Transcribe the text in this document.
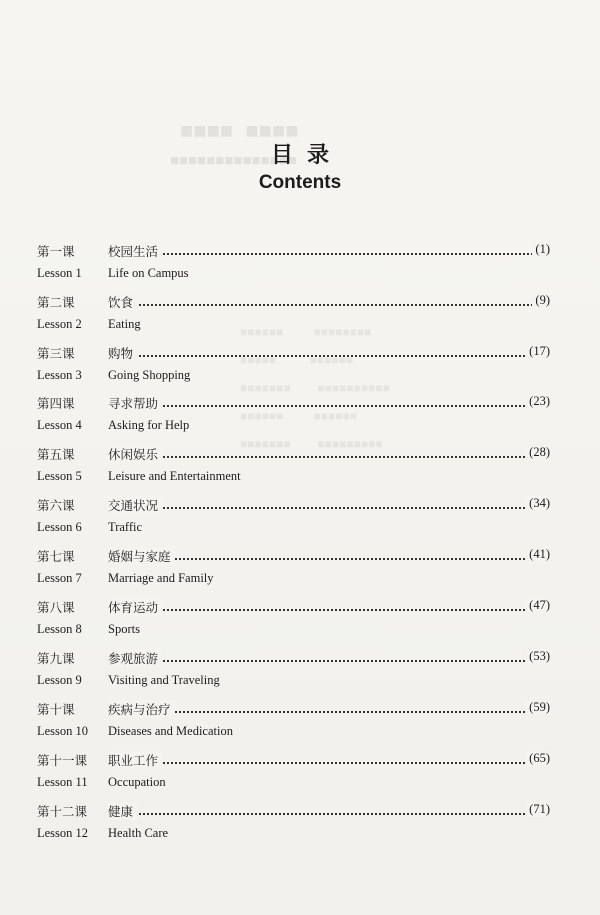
■■■■  ■■■■
■■■■■■■■■■■■■■
■■■■■■         ■■■■■■■■
■■■■■          ■■■■■■
■■■■■■■        ■■■■■■■■■■
■■■■■■         ■■■■■■
■■■■■■■        ■■■■■■■■■
目录
Contents
第一课	校园生活	(1)
Lesson 1 Life on Campus
第二课	饮食	(9)
Lesson 2 Eating
第三课	购物	(17)
Lesson 3 Going Shopping
第四课	寻求帮助	(23)
Lesson 4 Asking for Help
第五课	休闲娱乐	(28)
Lesson 5 Leisure and Entertainment
第六课	交通状况	(34)
Lesson 6 Traffic
第七课	婚姻与家庭	(41)
Lesson 7 Marriage and Family
第八课	体育运动	(47)
Lesson 8 Sports
第九课	参观旅游	(53)
Lesson 9 Visiting and Traveling
第十课	疾病与治疗	(59)
Lesson 10 Diseases and Medication
第十一课 职业工作	(65)
Lesson 11 Occupation
第十二课 健康	(71)
Lesson 12 Health Care
